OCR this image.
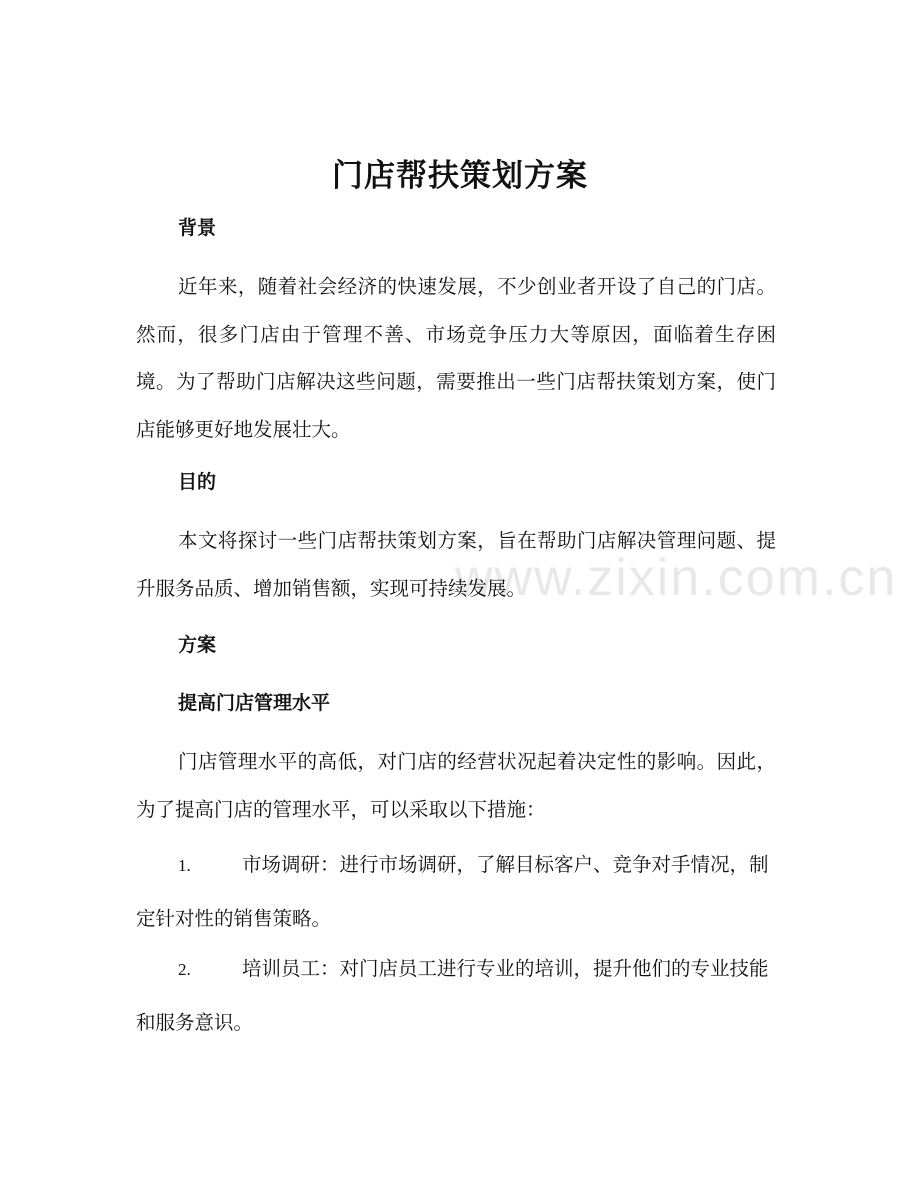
门店帮扶策划方案
背景

近年来，随着社会经济的快速发展，不少创业者开设了自己的门店。然而，很多门店由于管理不善、市场竞争压力大等原因，面临着生存困境。为了帮助门店解决这些问题，需要推出一些门店帮扶策划方案，使门店能够更好地发展壮大。

目的

本文将探讨一些门店帮扶策划方案，旨在帮助门店解决管理问题、提升服务品质、增加销售额，实现可持续发展。

方案
提高门店管理水平

门店管理水平的高低，对门店的经营状况起着决定性的影响。因此，为了提高门店的管理水平，可以采取以下措施：

1.	市场调研：进行市场调研，了解目标客户、竞争对手情况，制定针对性的销售策略。

2.	培训员工：对门店员工进行专业的培训，提升他们的专业技能和服务意识。

www.zixin.com.cn
